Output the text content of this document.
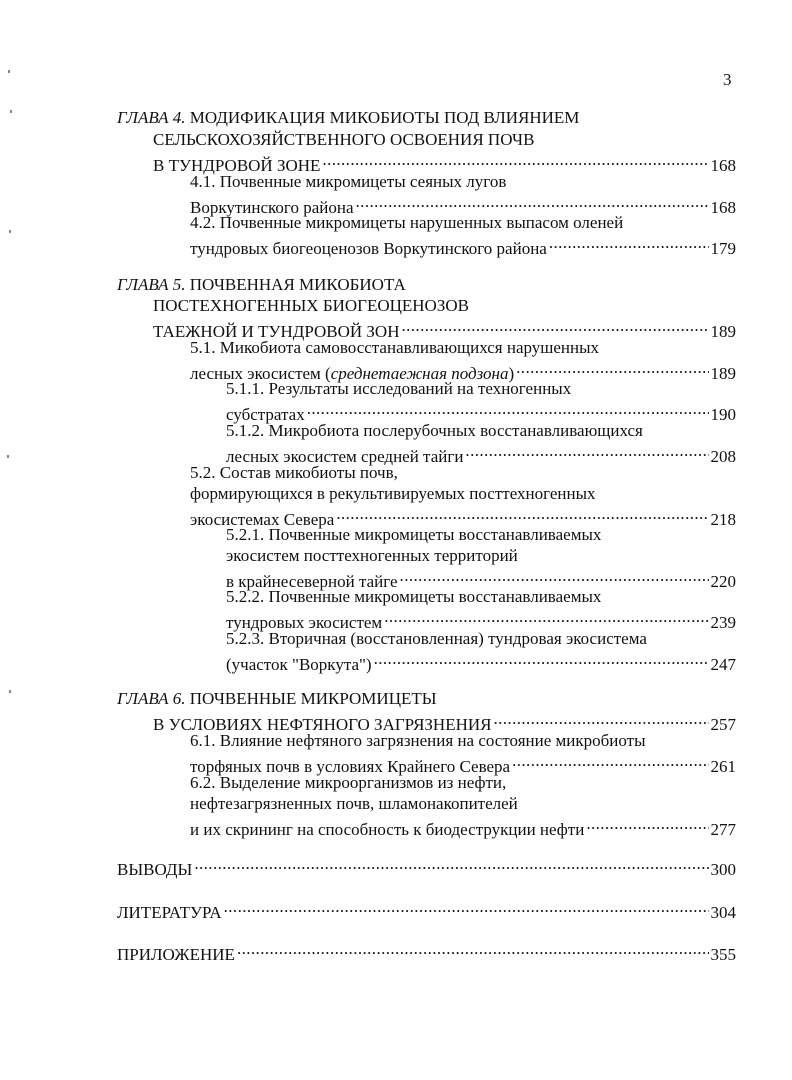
3
ГЛАВА 4. МОДИФИКАЦИЯ МИКОБИОТЫ ПОД ВЛИЯНИЕМ
СЕЛЬСКОХОЗЯЙСТВЕННОГО ОСВОЕНИЯ ПОЧВ
В ТУНДРОВОЙ ЗОНЕ .....	168
4.1. Почвенные микромицеты сеяных лугов
Воркутинского района .....	168
4.2. Почвенные микромицеты нарушенных выпасом оленей
тундровых биогеоценозов Воркутинского района .....	179
ГЛАВА 5. ПОЧВЕННАЯ МИКОБИОТА
ПОСТЕХНОГЕННЫХ БИОГЕОЦЕНОЗОВ
ТАЕЖНОЙ И ТУНДРОВОЙ ЗОН .....	189
5.1. Микобиота самовосстанавливающихся нарушенных
лесных экосистем (среднетаежная подзона) .....	189
5.1.1. Результаты исследований на техногенных
субстратах .....	190
5.1.2. Микробиота послерубочных восстанавливающихся
лесных экосистем средней тайги .....	208
5.2. Состав микобиоты почв,
формирующихся в рекультивируемых посттехногенных
экосистемах Севера .....	218
5.2.1. Почвенные микромицеты восстанавливаемых
экосистем посттехногенных территорий
в крайнесеверной тайге .....	220
5.2.2. Почвенные микромицеты восстанавливаемых
тундровых экосистем .....	239
5.2.3. Вторичная (восстановленная) тундровая экосистема
(участок "Воркута") .....	247
ГЛАВА 6. ПОЧВЕННЫЕ МИКРОМИЦЕТЫ
В УСЛОВИЯХ НЕФТЯНОГО ЗАГРЯЗНЕНИЯ .....	257
6.1. Влияние нефтяного загрязнения на состояние микробиоты
торфяных почв в условиях Крайнего Севера .....	261
6.2. Выделение микроорганизмов из нефти,
нефтезагрязненных почв, шламонакопителей
и их скрининг на способность к биодеструкции нефти .....	277
ВЫВОДЫ .....	300
ЛИТЕРАТУРА .....	304
ПРИЛОЖЕНИЕ .....	355
